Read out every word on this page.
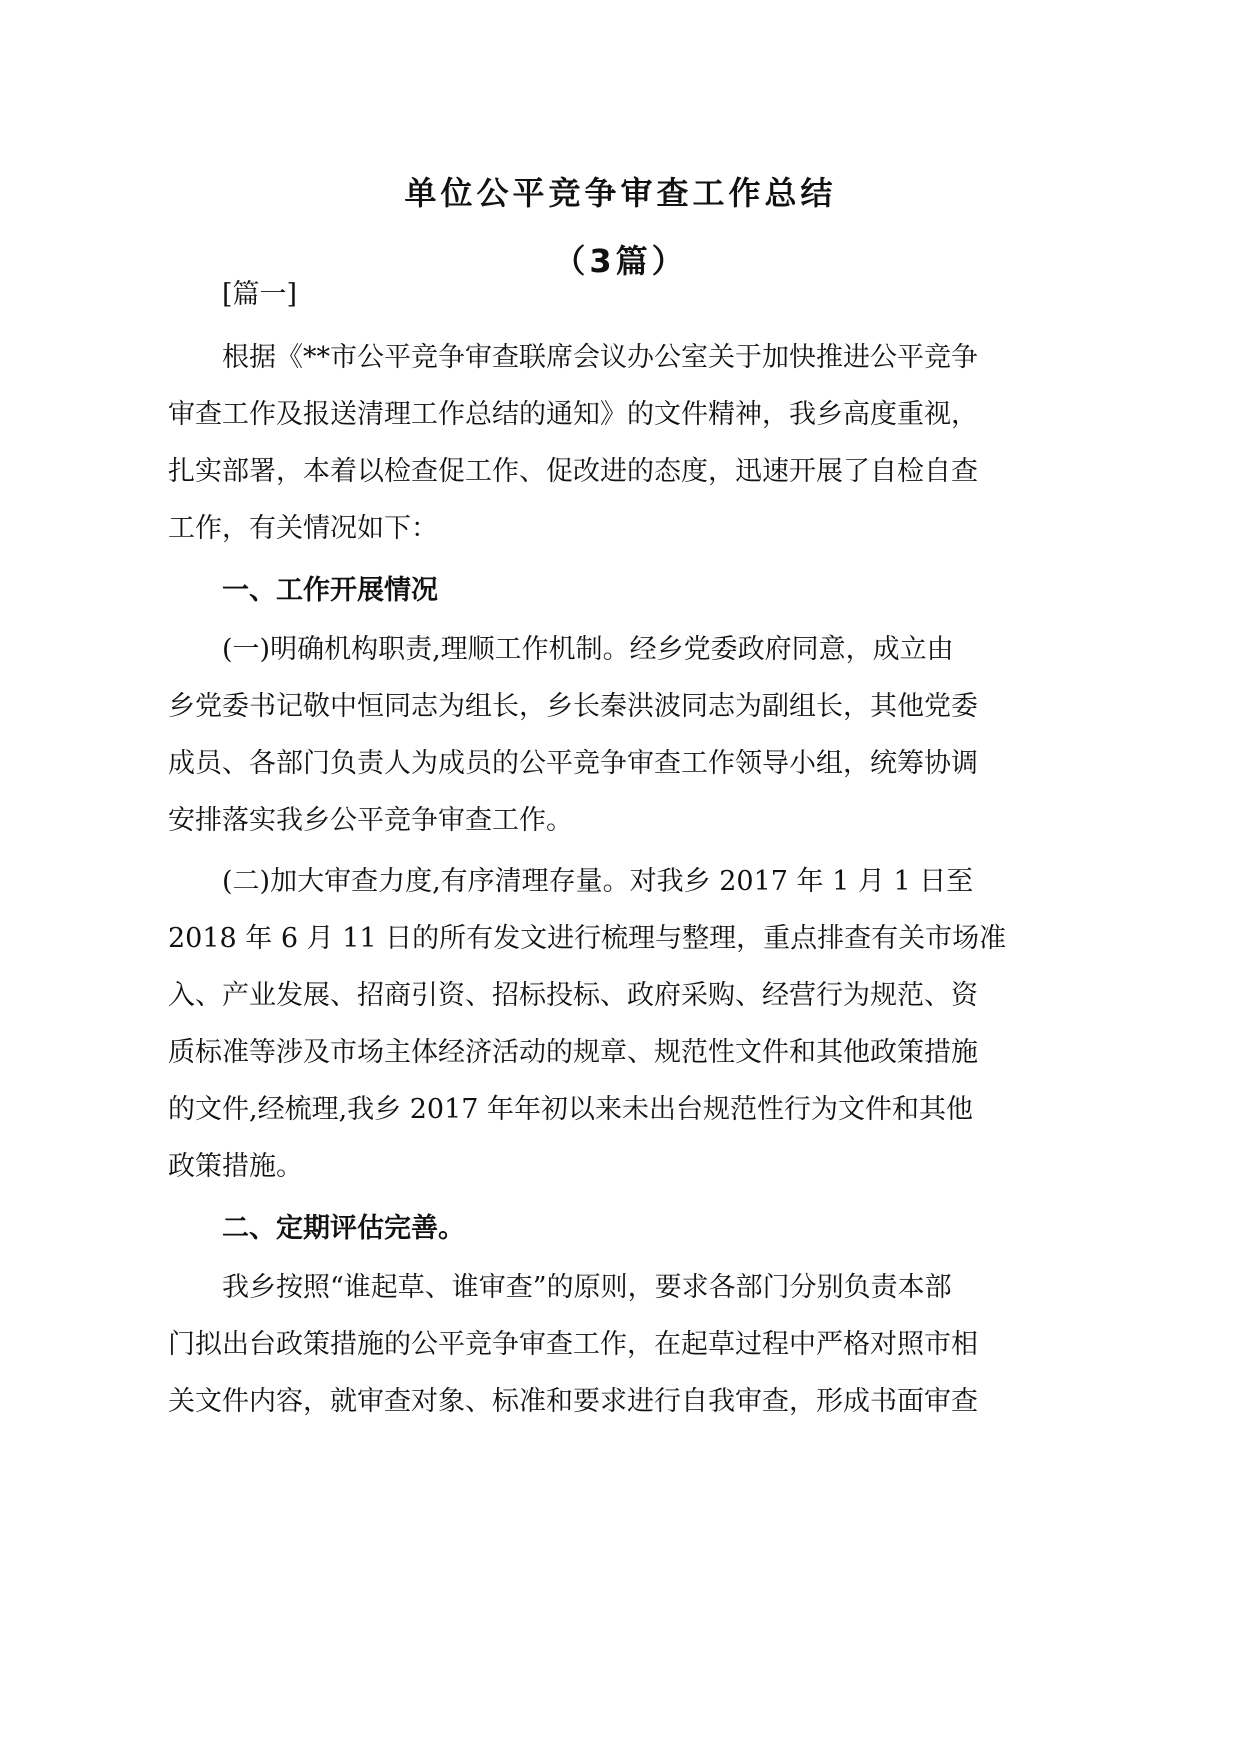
单位公平竞争审查工作总结
（3篇）
[篇一]
根据《**市公平竞争审查联席会议办公室关于加快推进公平竞争
审查工作及报送清理工作总结的通知》的文件精神，我乡高度重视，
扎实部署，本着以检查促工作、促改进的态度，迅速开展了自检自查
工作，有关情况如下：
一、工作开展情况
(一)明确机构职责,理顺工作机制。经乡党委政府同意，成立由
乡党委书记敬中恒同志为组长，乡长秦洪波同志为副组长，其他党委
成员、各部门负责人为成员的公平竞争审查工作领导小组，统筹协调
安排落实我乡公平竞争审查工作。
(二)加大审查力度,有序清理存量。对我乡 2017 年 1 月 1 日至
2018 年 6 月 11 日的所有发文进行梳理与整理，重点排查有关市场准
入、产业发展、招商引资、招标投标、政府采购、经营行为规范、资
质标准等涉及市场主体经济活动的规章、规范性文件和其他政策措施
的文件,经梳理,我乡 2017 年年初以来未出台规范性行为文件和其他
政策措施。
二、定期评估完善。
我乡按照“谁起草、谁审查”的原则，要求各部门分别负责本部
门拟出台政策措施的公平竞争审查工作，在起草过程中严格对照市相
关文件内容，就审查对象、标准和要求进行自我审查，形成书面审查
